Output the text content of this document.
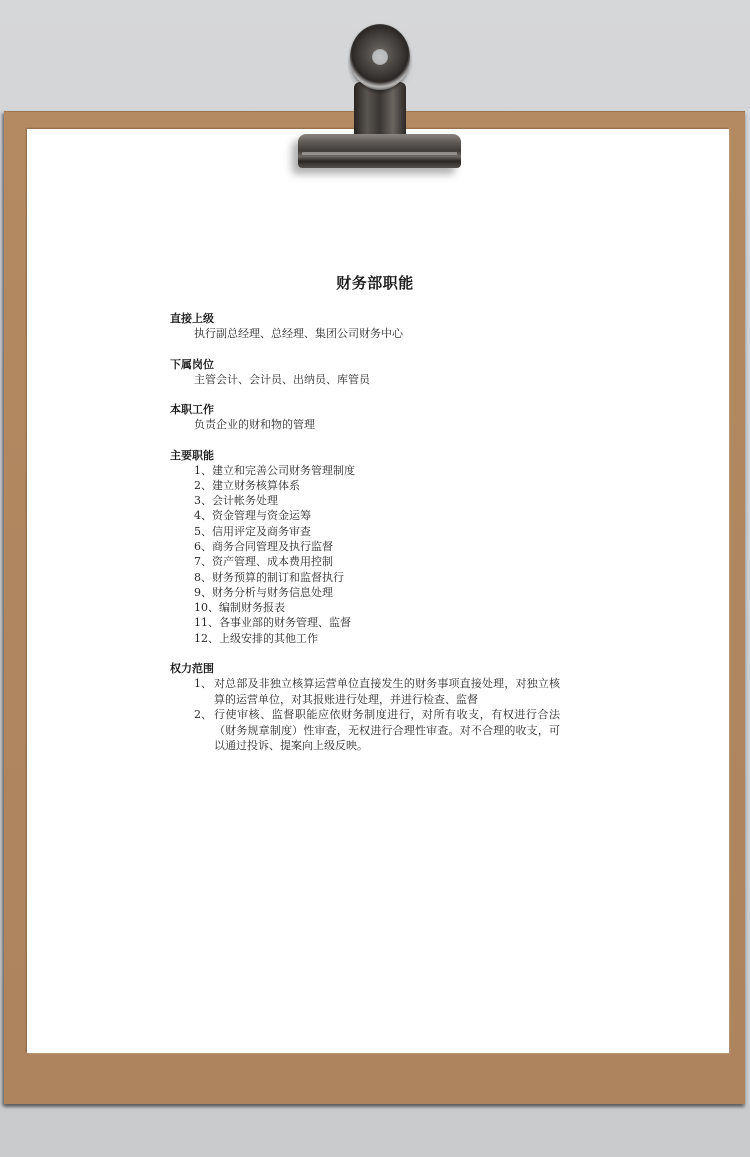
财务部职能
直接上级
执行副总经理、总经理、集团公司财务中心
下属岗位
主管会计、会计员、出纳员、库管员
本职工作
负责企业的财和物的管理
主要职能
1、建立和完善公司财务管理制度
2、建立财务核算体系
3、会计帐务处理
4、资金管理与资金运筹
5、信用评定及商务审查
6、商务合同管理及执行监督
7、资产管理、成本费用控制
8、财务预算的制订和监督执行
9、财务分析与财务信息处理
10、编制财务报表
11、各事业部的财务管理、监督
12、上级安排的其他工作
权力范围
1、 对总部及非独立核算运营单位直接发生的财务事项直接处理，对独立核算的运营单位，对其报账进行处理，并进行检查、监督
2、 行使审核、监督职能应依财务制度进行，对所有收支，有权进行合法（财务规章制度）性审查，无权进行合理性审查。对不合理的收支，可以通过投诉、提案向上级反映。
